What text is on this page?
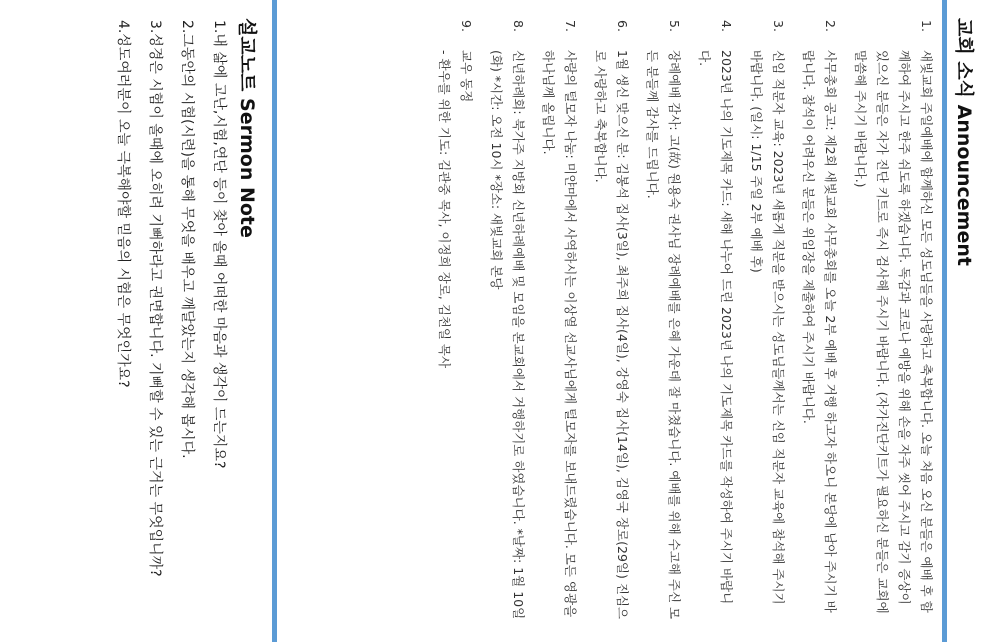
교회 소식 Announcement
1.
새빛교회 주일예배에 함께하신 모든 성도님들을 사랑하고 축복합니다. 오늘 처음 오신 분들은 예배 후 함께하여 주시고 한주 쉬도록 하겠습니다. 독감과 코로나 예방을 위해 손을 자주 씻어 주시고 감기 증상이 있으신 분들은 자가 진단 키트로 즉시 검사해 주시기 바랍니다. (자가진단키트가 필요하신 분들은 교회에 말씀해 주시기 바랍니다.)
2.
사무총회 공고: 제2회 새빛교회 사무총회를 오늘 2부 예배 후 거행 하고자 하오니 본당에 남아 주시기 바랍니다. 참석이 어려우신 분들은 위임장을 제출하여 주시기 바랍니다.
3.
신임 직분자 교육: 2023년 새롭게 직분을 받으시는 성도님들께서는 신임 직분자 교육에 참석해 주시기 바랍니다. (일시: 1/15 주일 2부 예배 후)
4.
2023년 나의 기도제목 카드: 새해 나누어 드린 2023년 나의 기도제목 카드를 작성하여 주시기 바랍니다.
5.
장례예배 감사: 고(故) 원용숙 권사님 장례예배를 은혜 가운데 잘 마쳤습니다. 예배를 위해 수고해 주신 모든 분들께 감사를 드립니다.
6.
1월 생신 맞으신 분: 김봉석 집사(3일), 최주희 집사(4일), 강영숙 집사(14일), 김영국 장로(29일) 진심으로 사랑하고 축복합니다.
7.
사랑의 털모자 나눔: 미얀마에서 사역하시는 이상열 선교사님에게 털모자를 보내드렸습니다. 모든 영광을 하나님께 올립니다.
8.
신년하례회: 북가주 지방회 신년하례예배 및 모임을 본교회에서 거행하기로 하였습니다. *날짜: 1월 10일(화) *시간: 오전 10시 *장소: 새빛교회 본당
9.
교우 동정
- 환우를 위한 기도: 김관중 목사, 이정희 장로, 김천일 목사
설교노트 Sermon Note
1.내 삶에 고난,시험,연단 등이 찾아 올때 어떠한 마음과 생각이 드는지요?
2.그동안의 시험(시련)을 통해 무엇을 배우고 깨달았는지 생각해 봅시다.
3.성경은 시험이 올때에 오히려 기뻐하라고 권면합니다. 기뻐할 수 있는 근거는 무엇입니까?
4.성도여러분이 오늘 극복해야할 믿음의 시험은 무엇인가요?
